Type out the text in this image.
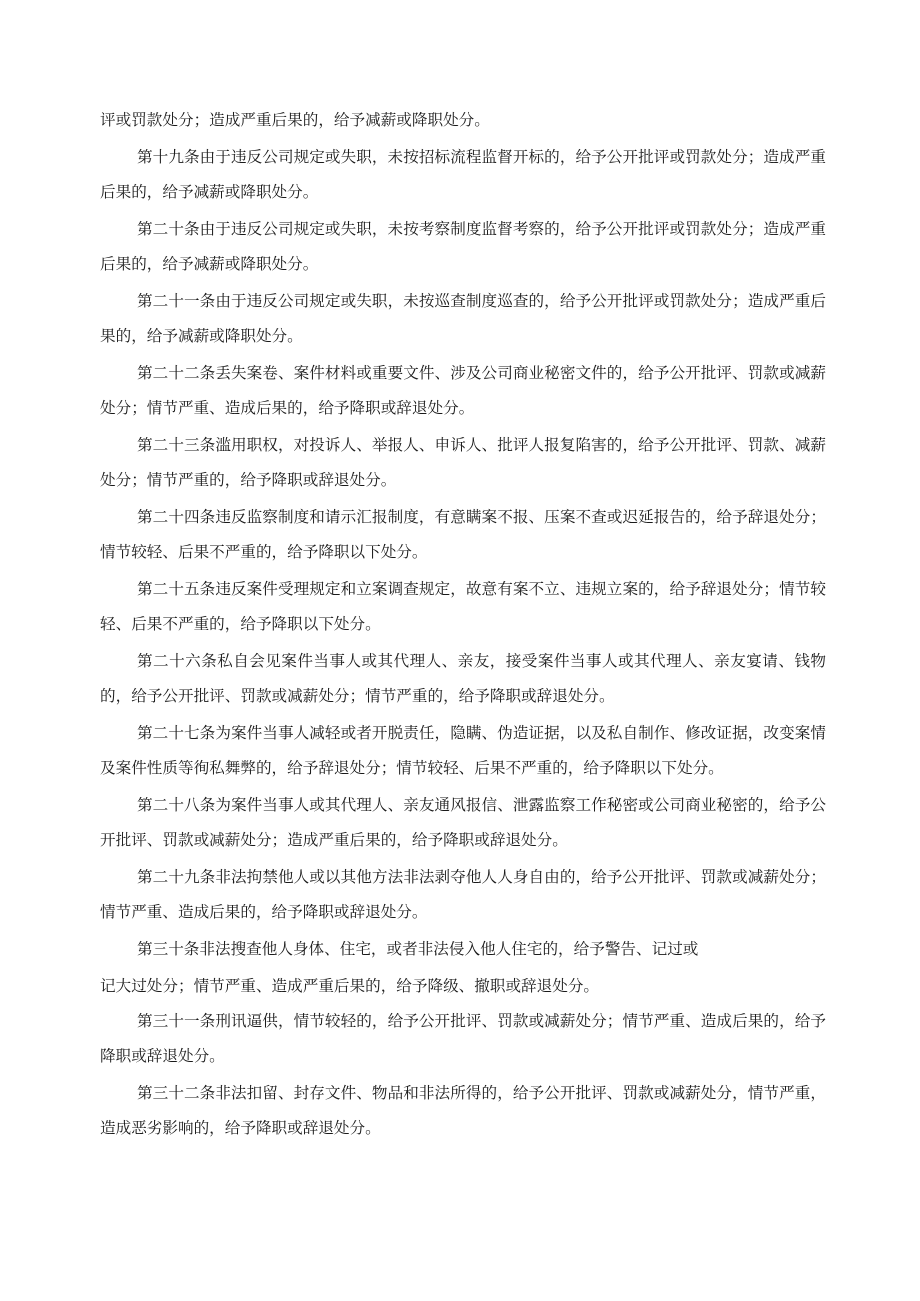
评或罚款处分；造成严重后果的，给予减薪或降职处分。

第十九条由于违反公司规定或失职，未按招标流程监督开标的，给予公开批评或罚款处分；造成严重后果的，给予减薪或降职处分。

第二十条由于违反公司规定或失职，未按考察制度监督考察的，给予公开批评或罚款处分；造成严重后果的，给予减薪或降职处分。

第二十一条由于违反公司规定或失职，未按巡查制度巡查的，给予公开批评或罚款处分；造成严重后果的，给予减薪或降职处分。

第二十二条丢失案卷、案件材料或重要文件、涉及公司商业秘密文件的，给予公开批评、罚款或减薪处分；情节严重、造成后果的，给予降职或辞退处分。

第二十三条滥用职权，对投诉人、举报人、申诉人、批评人报复陷害的，给予公开批评、罚款、减薪处分；情节严重的，给予降职或辞退处分。

第二十四条违反监察制度和请示汇报制度，有意瞒案不报、压案不查或迟延报告的，给予辞退处分；情节较轻、后果不严重的，给予降职以下处分。

第二十五条违反案件受理规定和立案调查规定，故意有案不立、违规立案的，给予辞退处分；情节较轻、后果不严重的，给予降职以下处分。

第二十六条私自会见案件当事人或其代理人、亲友，接受案件当事人或其代理人、亲友宴请、钱物的，给予公开批评、罚款或减薪处分；情节严重的，给予降职或辞退处分。

第二十七条为案件当事人减轻或者开脱责任，隐瞒、伪造证据，以及私自制作、修改证据，改变案情及案件性质等徇私舞弊的，给予辞退处分；情节较轻、后果不严重的，给予降职以下处分。

第二十八条为案件当事人或其代理人、亲友通风报信、泄露监察工作秘密或公司商业秘密的，给予公开批评、罚款或减薪处分；造成严重后果的，给予降职或辞退处分。

第二十九条非法拘禁他人或以其他方法非法剥夺他人人身自由的，给予公开批评、罚款或减薪处分；情节严重、造成后果的，给予降职或辞退处分。

第三十条非法搜查他人身体、住宅，或者非法侵入他人住宅的，给予警告、记过或

记大过处分；情节严重、造成严重后果的，给予降级、撤职或辞退处分。

第三十一条刑讯逼供，情节较轻的，给予公开批评、罚款或减薪处分；情节严重、造成后果的，给予降职或辞退处分。

第三十二条非法扣留、封存文件、物品和非法所得的，给予公开批评、罚款或减薪处分，情节严重，造成恶劣影响的，给予降职或辞退处分。
